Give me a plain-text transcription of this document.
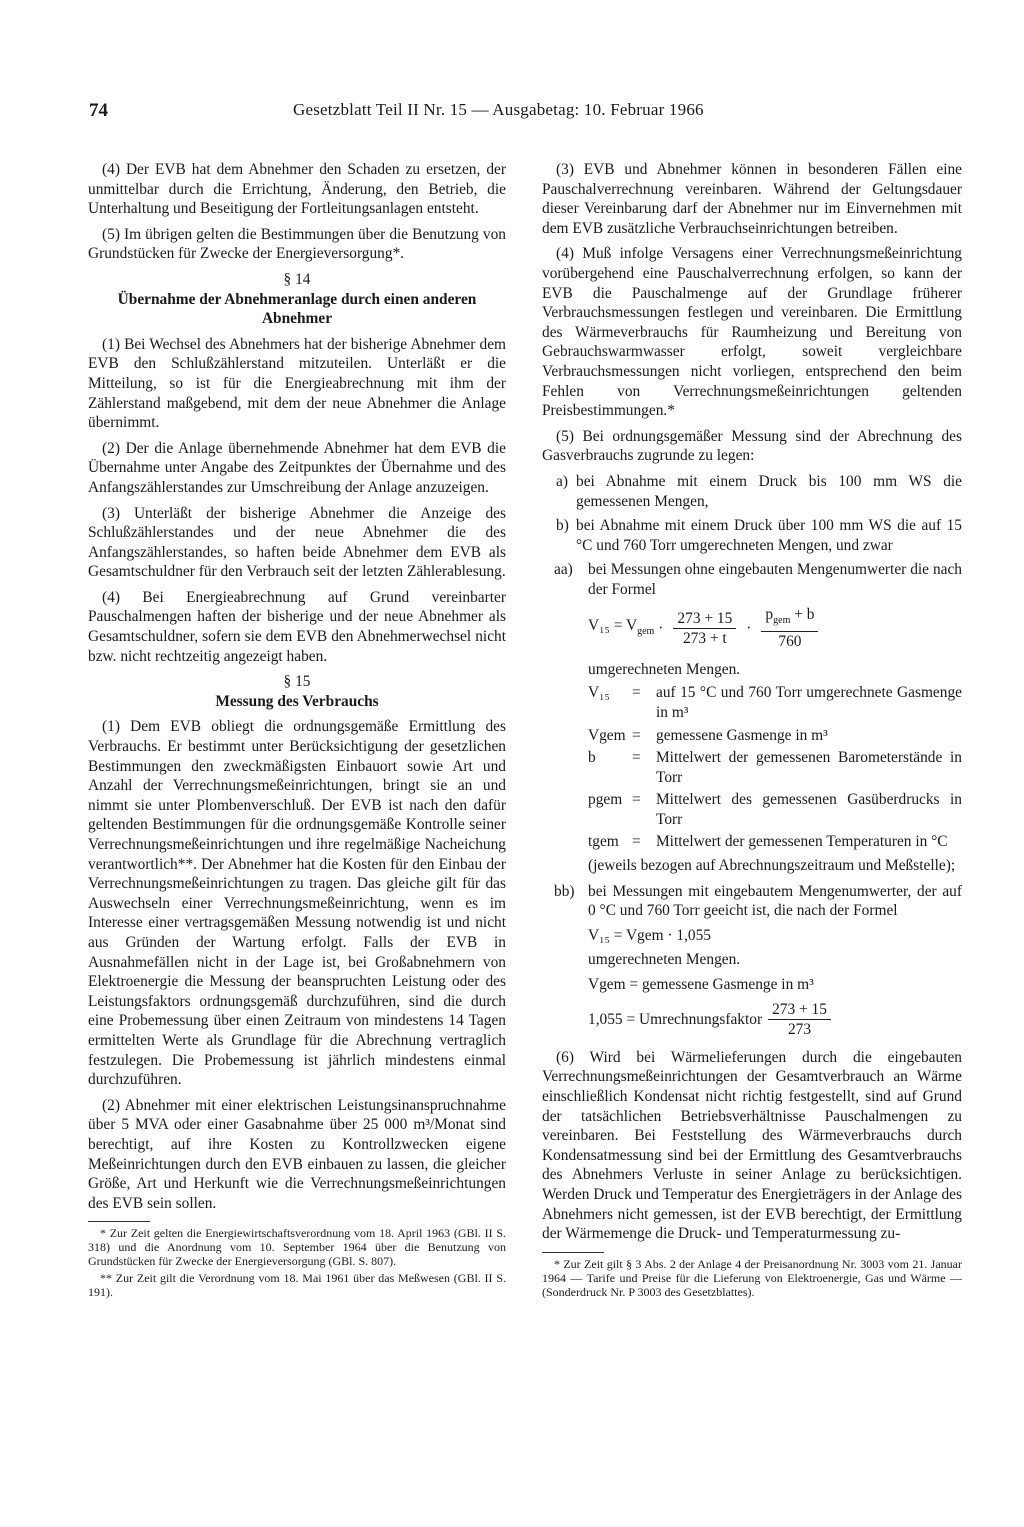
74	Gesetzblatt Teil II Nr. 15 — Ausgabetag: 10. Februar 1966

(4) Der EVB hat dem Abnehmer den Schaden zu ersetzen, der unmittelbar durch die Errichtung, Änderung, den Betrieb, die Unterhaltung und Beseitigung der Fortleitungsanlagen entsteht.

(5) Im übrigen gelten die Bestimmungen über die Benutzung von Grundstücken für Zwecke der Energieversorgung*.

§ 14
Übernahme der Abnehmeranlage durch einen anderen Abnehmer

(1) Bei Wechsel des Abnehmers hat der bisherige Abnehmer dem EVB den Schlußzählerstand mitzuteilen. Unterläßt er die Mitteilung, so ist für die Energieabrechnung mit ihm der Zählerstand maßgebend, mit dem der neue Abnehmer die Anlage übernimmt.

(2) Der die Anlage übernehmende Abnehmer hat dem EVB die Übernahme unter Angabe des Zeitpunktes der Übernahme und des Anfangszählerstandes zur Umschreibung der Anlage anzuzeigen.

(3) Unterläßt der bisherige Abnehmer die Anzeige des Schlußzählerstandes und der neue Abnehmer die des Anfangszählerstandes, so haften beide Abnehmer dem EVB als Gesamtschuldner für den Verbrauch seit der letzten Zählerablesung.

(4) Bei Energieabrechnung auf Grund vereinbarter Pauschalmengen haften der bisherige und der neue Abnehmer als Gesamtschuldner, sofern sie dem EVB den Abnehmerwechsel nicht bzw. nicht rechtzeitig angezeigt haben.

§ 15
Messung des Verbrauchs

(1) Dem EVB obliegt die ordnungsgemäße Ermittlung des Verbrauchs. Er bestimmt unter Berücksichtigung der gesetzlichen Bestimmungen den zweckmäßigsten Einbauort sowie Art und Anzahl der Verrechnungsmeßeinrichtungen, bringt sie an und nimmt sie unter Plombenverschluß. Der EVB ist nach den dafür geltenden Bestimmungen für die ordnungsgemäße Kontrolle seiner Verrechnungsmeßeinrichtungen und ihre regelmäßige Nacheichung verantwortlich**. Der Abnehmer hat die Kosten für den Einbau der Verrechnungsmeßeinrichtungen zu tragen. Das gleiche gilt für das Auswechseln einer Verrechnungsmeßeinrichtung, wenn es im Interesse einer vertragsgemäßen Messung notwendig ist und nicht aus Gründen der Wartung erfolgt. Falls der EVB in Ausnahmefällen nicht in der Lage ist, bei Großabnehmern von Elektroenergie die Messung der beanspruchten Leistung oder des Leistungsfaktors ordnungsgemäß durchzuführen, sind die durch eine Probemessung über einen Zeitraum von mindestens 14 Tagen ermittelten Werte als Grundlage für die Abrechnung vertraglich festzulegen. Die Probemessung ist jährlich mindestens einmal durchzuführen.

(2) Abnehmer mit einer elektrischen Leistungsinanspruchnahme über 5 MVA oder einer Gasabnahme über 25 000 m³/Monat sind berechtigt, auf ihre Kosten zu Kontrollzwecken eigene Meßeinrichtungen durch den EVB einbauen zu lassen, die gleicher Größe, Art und Herkunft wie die Verrechnungsmeßeinrichtungen des EVB sein sollen.

* Zur Zeit gelten die Energiewirtschaftsverordnung vom 18. April 1963 (GBl. II S. 318) und die Anordnung vom 10. September 1964 über die Benutzung von Grundstücken für Zwecke der Energieversorgung (GBl. S. 807).

** Zur Zeit gilt die Verordnung vom 18. Mai 1961 über das Meßwesen (GBl. II S. 191).

(3) EVB und Abnehmer können in besonderen Fällen eine Pauschalverrechnung vereinbaren. Während der Geltungsdauer dieser Vereinbarung darf der Abnehmer nur im Einvernehmen mit dem EVB zusätzliche Verbrauchseinrichtungen betreiben.

(4) Muß infolge Versagens einer Verrechnungsmeßeinrichtung vorübergehend eine Pauschalverrechnung erfolgen, so kann der EVB die Pauschalmenge auf der Grundlage früherer Verbrauchsmessungen festlegen und vereinbaren. Die Ermittlung des Wärmeverbrauchs für Raumheizung und Bereitung von Gebrauchswarmwasser erfolgt, soweit vergleichbare Verbrauchsmessungen nicht vorliegen, entsprechend den beim Fehlen von Verrechnungsmeßeinrichtungen geltenden Preisbestimmungen.*

(5) Bei ordnungsgemäßer Messung sind der Abrechnung des Gasverbrauchs zugrunde zu legen:

a) bei Abnahme mit einem Druck bis 100 mm WS die gemessenen Mengen,
b) bei Abnahme mit einem Druck über 100 mm WS die auf 15 °C und 760 Torr umgerechneten Mengen, und zwar
aa) bei Messungen ohne eingebauten Mengenumwerter die nach der Formel
$V_{15} = V_{gem} \cdot \frac{273 + 15}{273 + t} \cdot \frac{p_{gem} + b}{760}$
umgerechneten Mengen.
V₁₅	= auf 15 °C und 760 Torr umgerechnete Gasmenge in m³
Vgem = gemessene Gasmenge in m³
b	= Mittelwert der gemessenen Barometerstände in Torr
pgem = Mittelwert des gemessenen Gasüberdrucks in Torr
tgem = Mittelwert der gemessenen Temperaturen in °C
(jeweils bezogen auf Abrechnungszeitraum und Meßstelle);
bb) bei Messungen mit eingebautem Mengenumwerter, der auf 0 °C und 760 Torr geeicht ist, die nach der Formel
V₁₅ = Vgem · 1,055
umgerechneten Mengen.
Vgem = gemessene Gasmenge in m³
1,055 = Umrechnungsfaktor $\frac{273 + 15}{273}$

(6) Wird bei Wärmelieferungen durch die eingebauten Verrechnungsmeßeinrichtungen der Gesamtverbrauch an Wärme einschließlich Kondensat nicht richtig festgestellt, sind auf Grund der tatsächlichen Betriebsverhältnisse Pauschalmengen zu vereinbaren. Bei Feststellung des Wärmeverbrauchs durch Kondensatmessung sind bei der Ermittlung des Gesamtverbrauchs des Abnehmers Verluste in seiner Anlage zu berücksichtigen. Werden Druck und Temperatur des Energieträgers in der Anlage des Abnehmers nicht gemessen, ist der EVB berechtigt, der Ermittlung der Wärmemenge die Druck- und Temperaturmessung zu-

* Zur Zeit gilt § 3 Abs. 2 der Anlage 4 der Preisanordnung Nr. 3003 vom 21. Januar 1964 — Tarife und Preise für die Lieferung von Elektroenergie, Gas und Wärme — (Sonderdruck Nr. P 3003 des Gesetzblattes).
